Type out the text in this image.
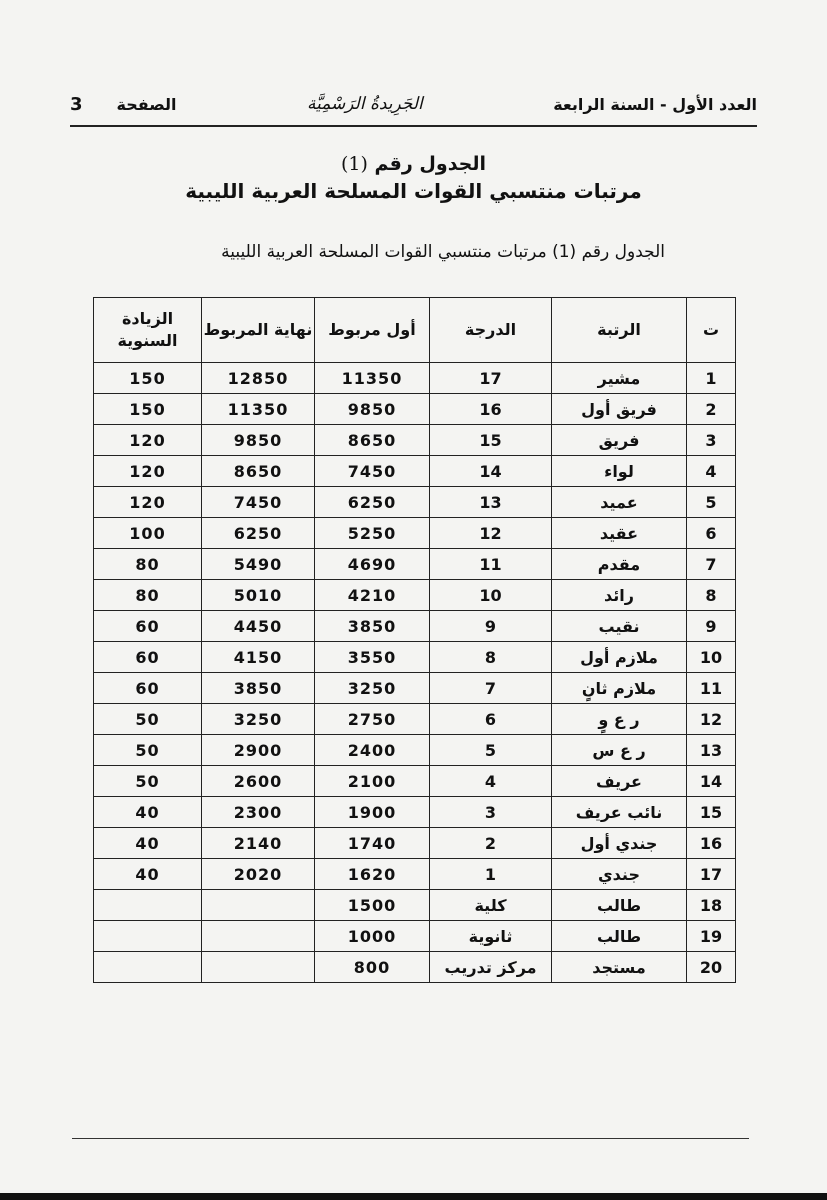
العدد الأول - السنة الرابعة
الجَرِيدةُ الرَسْمِيَّة
الصفحة
3
الجدول رقم (1)
مرتبات منتسبي القوات المسلحة العربية الليبية
الجدول رقم (1) مرتبات منتسبي القوات المسلحة العربية الليبية
ت	الرتبة	الدرجة	أول مربوط	نهاية المربوط	الزيادة السنوية
1	مشير	17	11350	12850	150
2	فريق أول	16	9850	11350	150
3	فريق	15	8650	9850	120
4	لواء	14	7450	8650	120
5	عميد	13	6250	7450	120
6	عقيد	12	5250	6250	100
7	مقدم	11	4690	5490	80
8	رائد	10	4210	5010	80
9	نقيب	9	3850	4450	60
10	ملازم أول	8	3550	4150	60
11	ملازم ثانٍ	7	3250	3850	60
12	ر ع وٍ	6	2750	3250	50
13	ر ع س	5	2400	2900	50
14	عريف	4	2100	2600	50
15	نائب عريف	3	1900	2300	40
16	جندي أول	2	1740	2140	40
17	جندي	1	1620	2020	40
18	طالب	كلية	1500		
19	طالب	ثانوية	1000		
20	مستجد	مركز تدريب	800		
